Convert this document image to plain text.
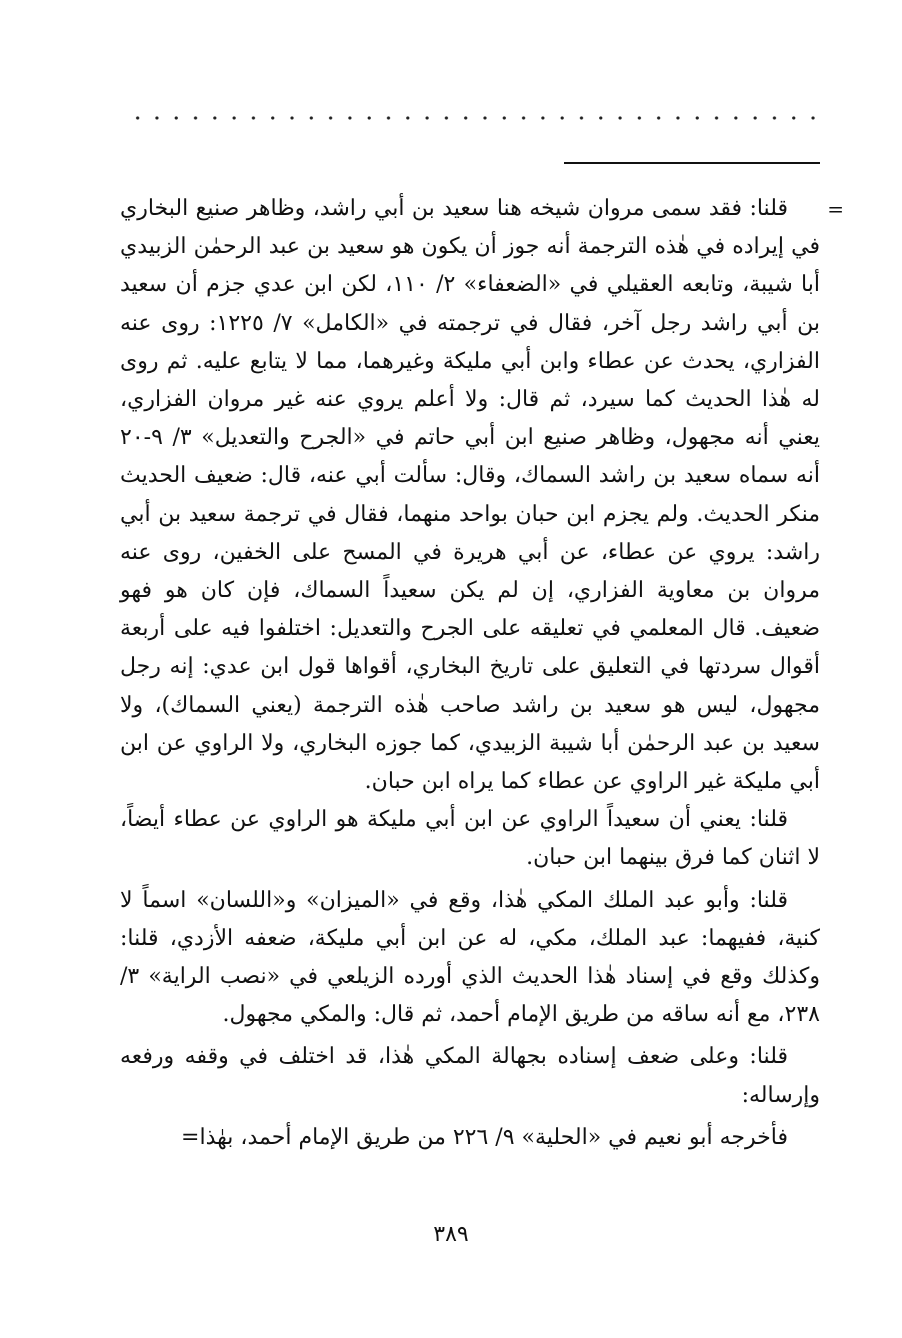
=

قلنا: فقد سمى مروان شيخه هنا سعيد بن أبي راشد، وظاهر صنيع البخاري في إيراده في هٰذه الترجمة أنه جوز أن يكون هو سعيد بن عبد الرحمٰن الزبيدي أبا شيبة، وتابعه العقيلي في «الضعفاء» ٢/ ١١٠، لكن ابن عدي جزم أن سعيد بن أبي راشد رجل آخر، فقال في ترجمته في «الكامل» ٧/ ١٢٢٥: روى عنه الفزاري، يحدث عن عطاء وابن أبي مليكة وغيرهما، مما لا يتابع عليه. ثم روى له هٰذا الحديث كما سيرد، ثم قال: ولا أعلم يروي عنه غير مروان الفزاري، يعني أنه مجهول، وظاهر صنيع ابن أبي حاتم في «الجرح والتعديل» ٣/ ٩-٢٠ أنه سماه سعيد بن راشد السماك، وقال: سألت أبي عنه، قال: ضعيف الحديث منكر الحديث. ولم يجزم ابن حبان بواحد منهما، فقال في ترجمة سعيد بن أبي راشد: يروي عن عطاء، عن أبي هريرة في المسح على الخفين، روى عنه مروان بن معاوية الفزاري، إن لم يكن سعيداً السماك، فإن كان هو فهو ضعيف. قال المعلمي في تعليقه على الجرح والتعديل: اختلفوا فيه على أربعة أقوال سردتها في التعليق على تاريخ البخاري، أقواها قول ابن عدي: إنه رجل مجهول، ليس هو سعيد بن راشد صاحب هٰذه الترجمة (يعني السماك)، ولا سعيد بن عبد الرحمٰن أبا شيبة الزبيدي، كما جوزه البخاري، ولا الراوي عن ابن أبي مليكة غير الراوي عن عطاء كما يراه ابن حبان.

قلنا: يعني أن سعيداً الراوي عن ابن أبي مليكة هو الراوي عن عطاء أيضاً، لا اثنان كما فرق بينهما ابن حبان.

قلنا: وأبو عبد الملك المكي هٰذا، وقع في «الميزان» و«اللسان» اسماً لا كنية، ففيهما: عبد الملك، مكي، له عن ابن أبي مليكة، ضعفه الأزدي، قلنا: وكذلك وقع في إسناد هٰذا الحديث الذي أورده الزيلعي في «نصب الراية» ٣/ ٢٣٨، مع أنه ساقه من طريق الإمام أحمد، ثم قال: والمكي مجهول.

قلنا: وعلى ضعف إسناده بجهالة المكي هٰذا، قد اختلف في وقفه ورفعه وإرساله:

فأخرجه أبو نعيم في «الحلية» ٩/ ٢٢٦ من طريق الإمام أحمد، بهٰذا=

٣٨٩
